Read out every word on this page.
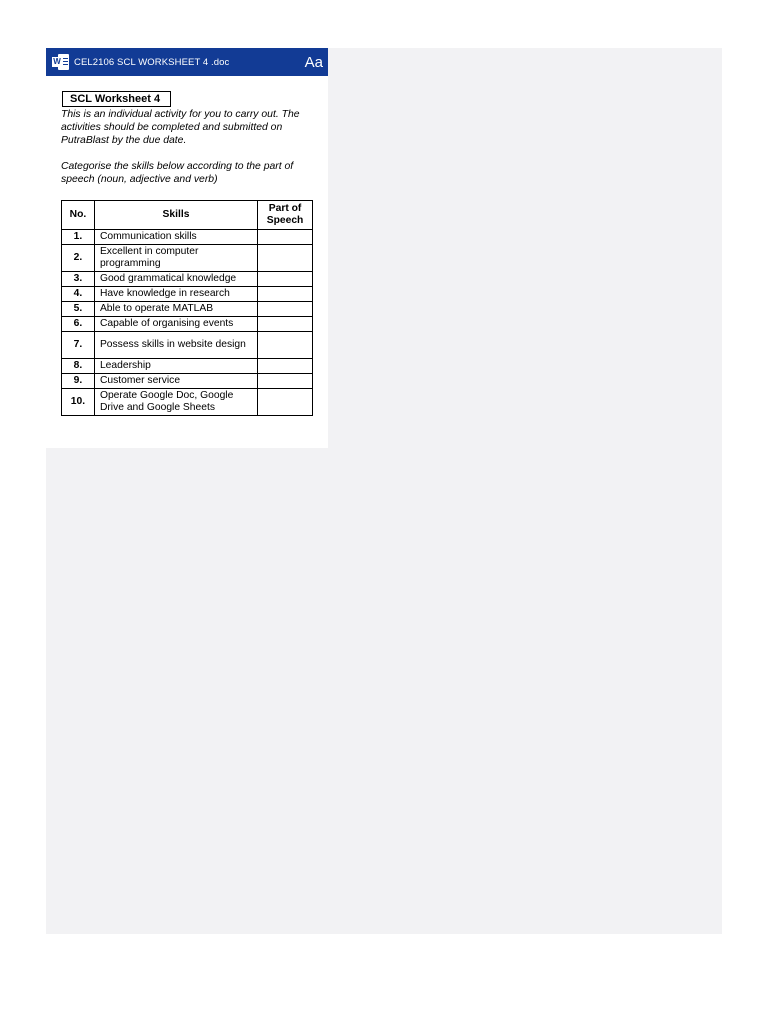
W CEL2106 SCL WORKSHEET 4 .doc	Aa
SCL Worksheet 4

This is an individual activity for you to carry out. The activities should be completed and submitted on PutraBlast by the due date.

Categorise the skills below according to the part of speech (noun, adjective and verb)

No.	Skills	Part of Speech
1.	Communication skills	
2.	Excellent in computer programming	
3.	Good grammatical knowledge	
4.	Have knowledge in research	
5.	Able to operate MATLAB	
6.	Capable of organising events	
7.	Possess skills in website design	
8.	Leadership	
9.	Customer service	
10.	Operate Google Doc, Google Drive and Google Sheets	
